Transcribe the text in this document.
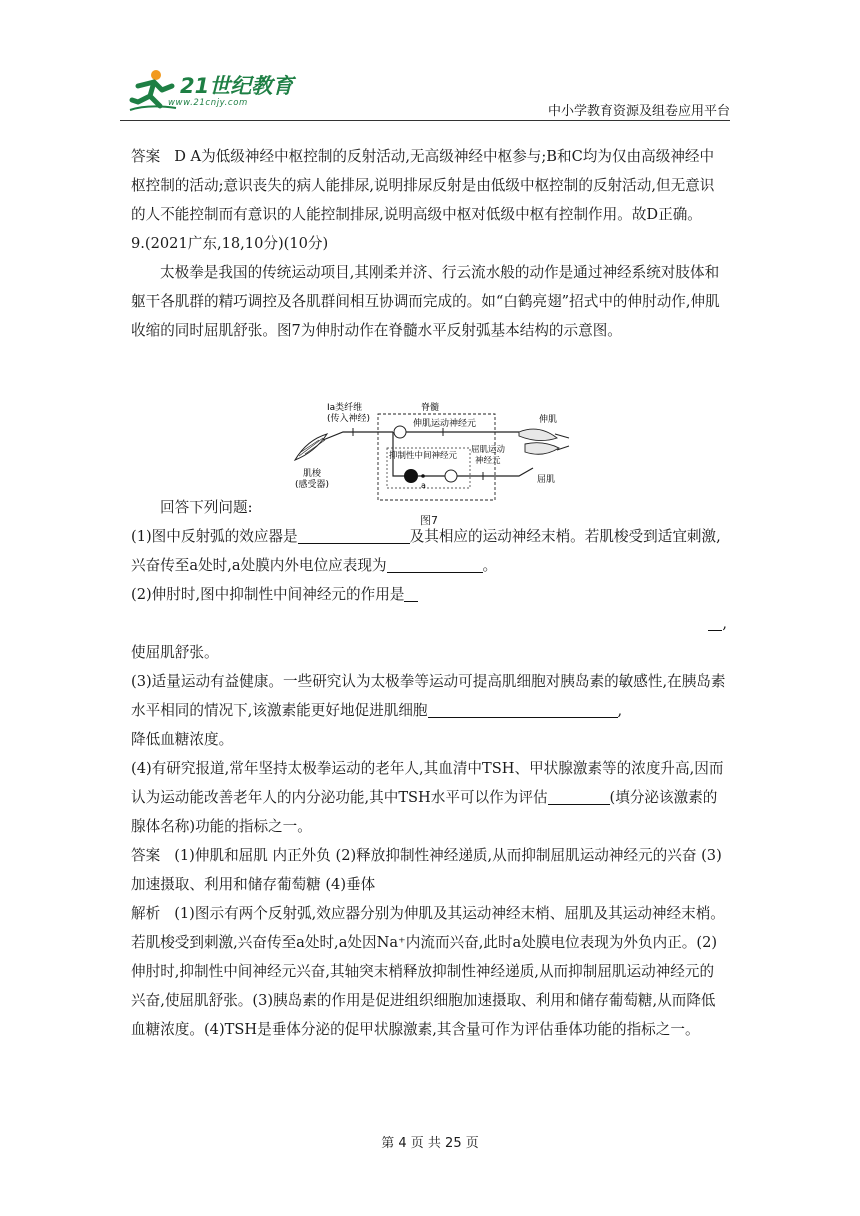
21世纪教育
www.21cnjy.com
中小学教育资源及组卷应用平台

答案 D A为低级神经中枢控制的反射活动,无高级神经中枢参与;B和C均为仅由高级神经中枢控制的活动;意识丧失的病人能排尿,说明排尿反射是由低级中枢控制的反射活动,但无意识的人不能控制而有意识的人能控制排尿,说明高级中枢对低级中枢有控制作用。故D正确。

9.(2021广东,18,10分)(10分)

太极拳是我国的传统运动项目,其刚柔并济、行云流水般的动作是通过神经系统对肢体和躯干各肌群的精巧调控及各肌群间相互协调而完成的。如“白鹤亮翅”招式中的伸肘动作,伸肌收缩的同时屈肌舒张。图7为伸肘动作在脊髓水平反射弧基本结构的示意图。

回答下列问题:

(1)图中反射弧的效应器是	及其相应的运动神经末梢。若肌梭受到适宜刺激,兴奋传至a处时,a处膜内外电位应表现为	。

(2)伸肘时,图中抑制性中间神经元的作用是

,

使屈肌舒张。

(3)适量运动有益健康。一些研究认为太极拳等运动可提高肌细胞对胰岛素的敏感性,在胰岛素水平相同的情况下,该激素能更好地促进肌细胞	,
降低血糖浓度。

(4)有研究报道,常年坚持太极拳运动的老年人,其血清中TSH、甲状腺激素等的浓度升高,因而认为运动能改善老年人的内分泌功能,其中TSH水平可以作为评估	(填分泌该激素的腺体名称)功能的指标之一。

答案 (1)伸肌和屈肌 内正外负 (2)释放抑制性神经递质,从而抑制屈肌运动神经元的兴奋 (3)加速摄取、利用和储存葡萄糖 (4)垂体

解析 (1)图示有两个反射弧,效应器分别为伸肌及其运动神经末梢、屈肌及其运动神经末梢。若肌梭受到刺激,兴奋传至a处时,a处因Na⁺内流而兴奋,此时a处膜电位表现为外负内正。(2)伸肘时,抑制性中间神经元兴奋,其轴突末梢释放抑制性神经递质,从而抑制屈肌运动神经元的兴奋,使屈肌舒张。(3)胰岛素的作用是促进组织细胞加速摄取、利用和储存葡萄糖,从而降低血糖浓度。(4)TSH是垂体分泌的促甲状腺激素,其含量可作为评估垂体功能的指标之一。

Ⅰa类纤维
(传入神经)
脊髓
伸肌运动神经元
抑制性中间神经元
屈肌运动
神经元
a
肌梭
(感受器)
伸肌
屈肌
图7
第 4 页 共 25 页
